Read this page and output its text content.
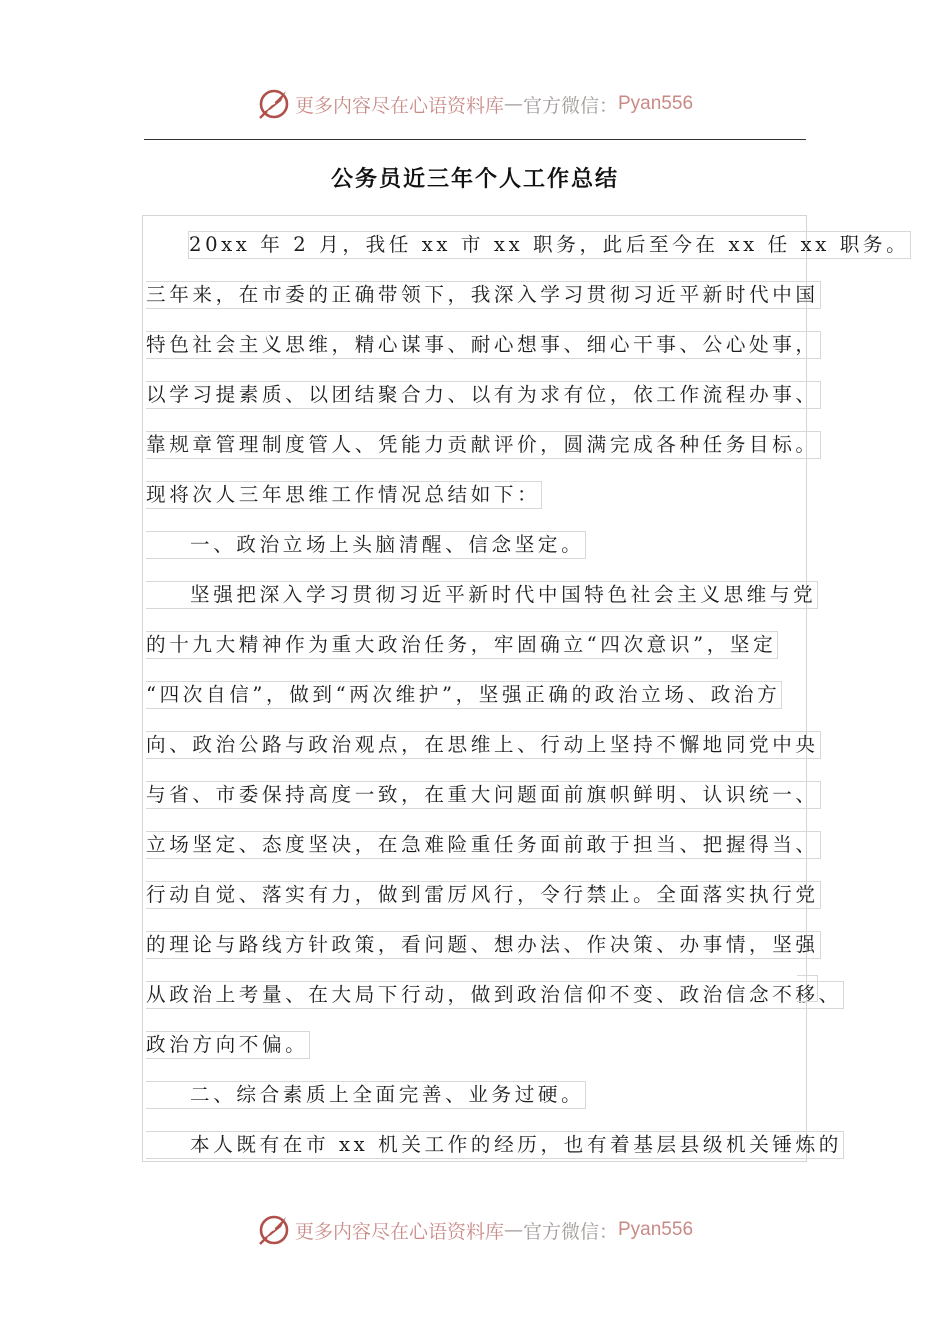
更多内容尽在心语资料库 — 官方微信： Pyan556
公务员近三年个人工作总结
20xx 年 2 月，我任 xx 市 xx 职务，此后至今在 xx 任 xx 职务。
三年来，在市委的正确带领下，我深入学习贯彻习近平新时代中国
特色社会主义思维，精心谋事、耐心想事、细心干事、公心处事，
以学习提素质、以团结聚合力、以有为求有位，依工作流程办事、
靠规章管理制度管人、凭能力贡献评价，圆满完成各种任务目标。
现将次人三年思维工作情况总结如下：
一、政治立场上头脑清醒、信念坚定。
坚强把深入学习贯彻习近平新时代中国特色社会主义思维与党
的十九大精神作为重大政治任务，牢固确立“四次意识”，坚定
“四次自信”，做到“两次维护”，坚强正确的政治立场、政治方
向、政治公路与政治观点，在思维上、行动上坚持不懈地同党中央
与省、市委保持高度一致，在重大问题面前旗帜鲜明、认识统一、
立场坚定、态度坚决，在急难险重任务面前敢于担当、把握得当、
行动自觉、落实有力，做到雷厉风行，令行禁止。全面落实执行党
的理论与路线方针政策，看问题、想办法、作决策、办事情，坚强
从政治上考量、在大局下行动，做到政治信仰不变、政治信念不移、
政治方向不偏。
二、综合素质上全面完善、业务过硬。
本人既有在市 xx 机关工作的经历，也有着基层县级机关锤炼的
更多内容尽在心语资料库 — 官方微信： Pyan556
